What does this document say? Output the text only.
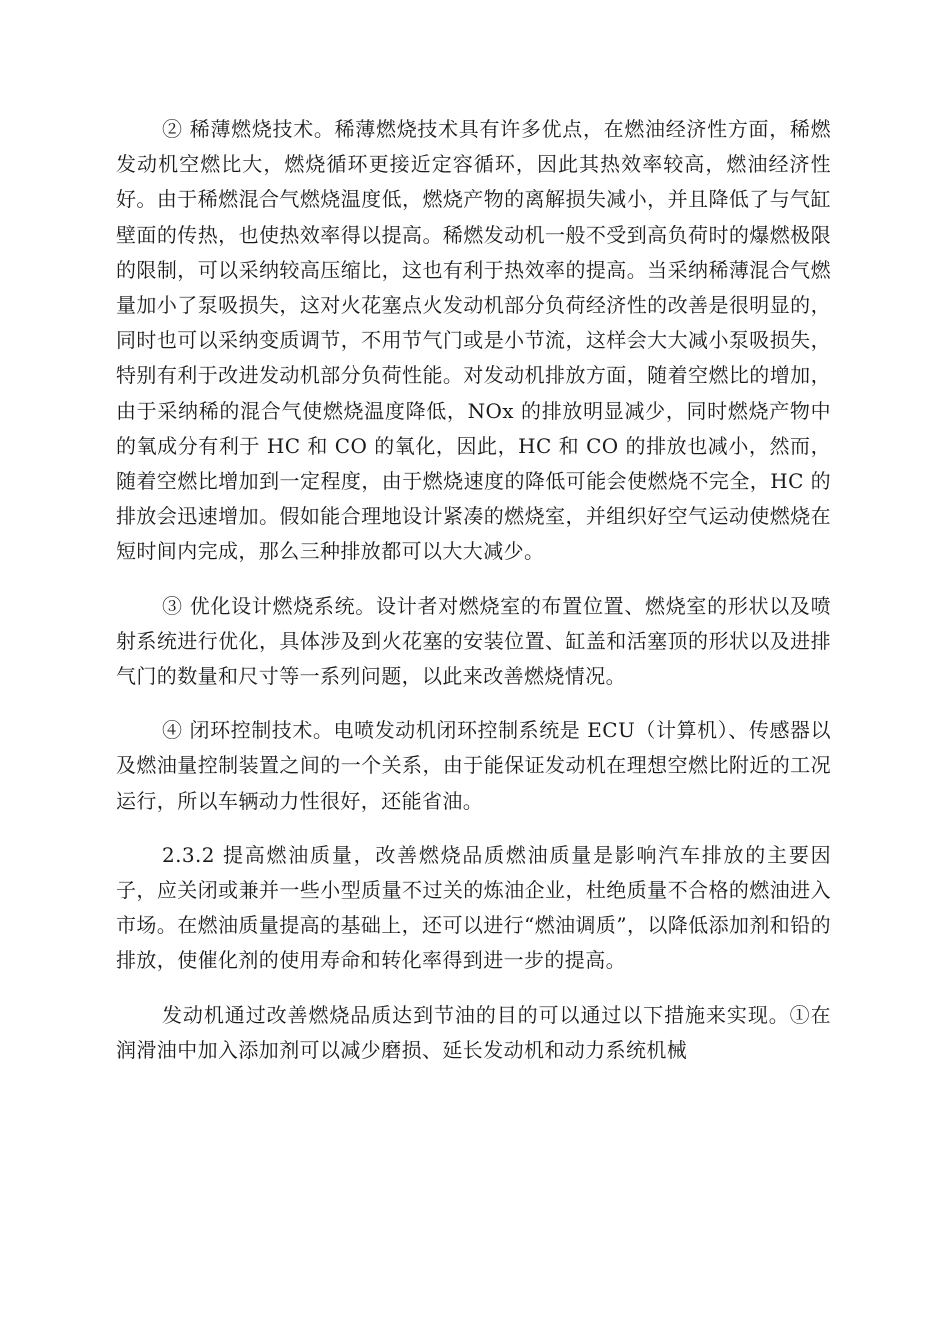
② 稀薄燃烧技术。稀薄燃烧技术具有许多优点，在燃油经济性方面，稀燃发动机空燃比大，燃烧循环更接近定容循环，因此其热效率较高，燃油经济性好。由于稀燃混合气燃烧温度低，燃烧产物的离解损失减小，并且降低了与气缸壁面的传热，也使热效率得以提高。稀燃发动机一般不受到高负荷时的爆燃极限的限制，可以采纳较高压缩比，这也有利于热效率的提高。当采纳稀薄混合气燃量加小了泵吸损失，这对火花塞点火发动机部分负荷经济性的改善是很明显的，同时也可以采纳变质调节，不用节气门或是小节流，这样会大大减小泵吸损失，特别有利于改进发动机部分负荷性能。对发动机排放方面，随着空燃比的增加，由于采纳稀的混合气使燃烧温度降低，NOx 的排放明显减少，同时燃烧产物中的氧成分有利于 HC 和 CO 的氧化，因此，HC 和 CO 的排放也减小，然而，随着空燃比增加到一定程度，由于燃烧速度的降低可能会使燃烧不完全，HC 的排放会迅速增加。假如能合理地设计紧凑的燃烧室，并组织好空气运动使燃烧在短时间内完成，那么三种排放都可以大大减少。

③ 优化设计燃烧系统。设计者对燃烧室的布置位置、燃烧室的形状以及喷射系统进行优化，具体涉及到火花塞的安装位置、缸盖和活塞顶的形状以及进排气门的数量和尺寸等一系列问题，以此来改善燃烧情况。

④ 闭环控制技术。电喷发动机闭环控制系统是 ECU（计算机）、传感器以及燃油量控制装置之间的一个关系，由于能保证发动机在理想空燃比附近的工况运行，所以车辆动力性很好，还能省油。

2.3.2 提高燃油质量，改善燃烧品质燃油质量是影响汽车排放的主要因子，应关闭或兼并一些小型质量不过关的炼油企业，杜绝质量不合格的燃油进入市场。在燃油质量提高的基础上，还可以进行“燃油调质”，以降低添加剂和铅的排放，使催化剂的使用寿命和转化率得到进一步的提高。

发动机通过改善燃烧品质达到节油的目的可以通过以下措施来实现。①在润滑油中加入添加剂可以减少磨损、延长发动机和动力系统机械
